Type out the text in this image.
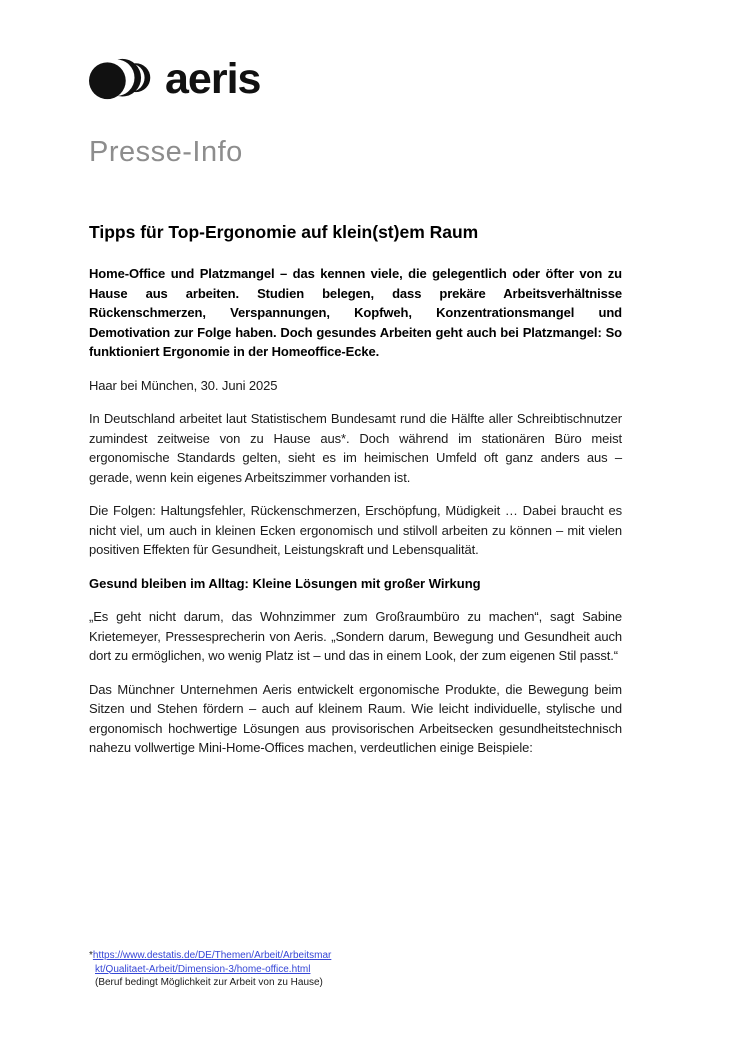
aeris
Presse-Info
Tipps für Top-Ergonomie auf klein(st)em Raum

Home-Office und Platzmangel – das kennen viele, die gelegentlich oder öfter von zu Hause aus arbeiten. Studien belegen, dass prekäre Arbeitsverhältnisse Rückenschmerzen, Verspannungen, Kopfweh, Konzentrationsmangel und Demotivation zur Folge haben. Doch gesundes Arbeiten geht auch bei Platzmangel: So funktioniert Ergonomie in der Homeoffice-Ecke.

Haar bei München, 30. Juni 2025

In Deutschland arbeitet laut Statistischem Bundesamt rund die Hälfte aller Schreibtischnutzer zumindest zeitweise von zu Hause aus*. Doch während im stationären Büro meist ergonomische Standards gelten, sieht es im heimischen Umfeld oft ganz anders aus – gerade, wenn kein eigenes Arbeitszimmer vorhanden ist.

Die Folgen: Haltungsfehler, Rückenschmerzen, Erschöpfung, Müdigkeit … Dabei braucht es nicht viel, um auch in kleinen Ecken ergonomisch und stilvoll arbeiten zu können – mit vielen positiven Effekten für Gesundheit, Leistungskraft und Lebensqualität.

Gesund bleiben im Alltag: Kleine Lösungen mit großer Wirkung

„Es geht nicht darum, das Wohnzimmer zum Großraumbüro zu machen“, sagt Sabine Krietemeyer, Pressesprecherin von Aeris. „Sondern darum, Bewegung und Gesundheit auch dort zu ermöglichen, wo wenig Platz ist – und das in einem Look, der zum eigenen Stil passt.“

Das Münchner Unternehmen Aeris entwickelt ergonomische Produkte, die Bewegung beim Sitzen und Stehen fördern – auch auf kleinem Raum. Wie leicht individuelle, stylische und ergonomisch hochwertige Lösungen aus provisorischen Arbeitsecken gesundheitstechnisch nahezu vollwertige Mini-Home-Offices machen, verdeutlichen einige Beispiele:

*https://www.destatis.de/DE/Themen/Arbeit/Arbeitsmar
kt/Qualitaet-Arbeit/Dimension-3/home-office.html
(Beruf bedingt Möglichkeit zur Arbeit von zu Hause)
